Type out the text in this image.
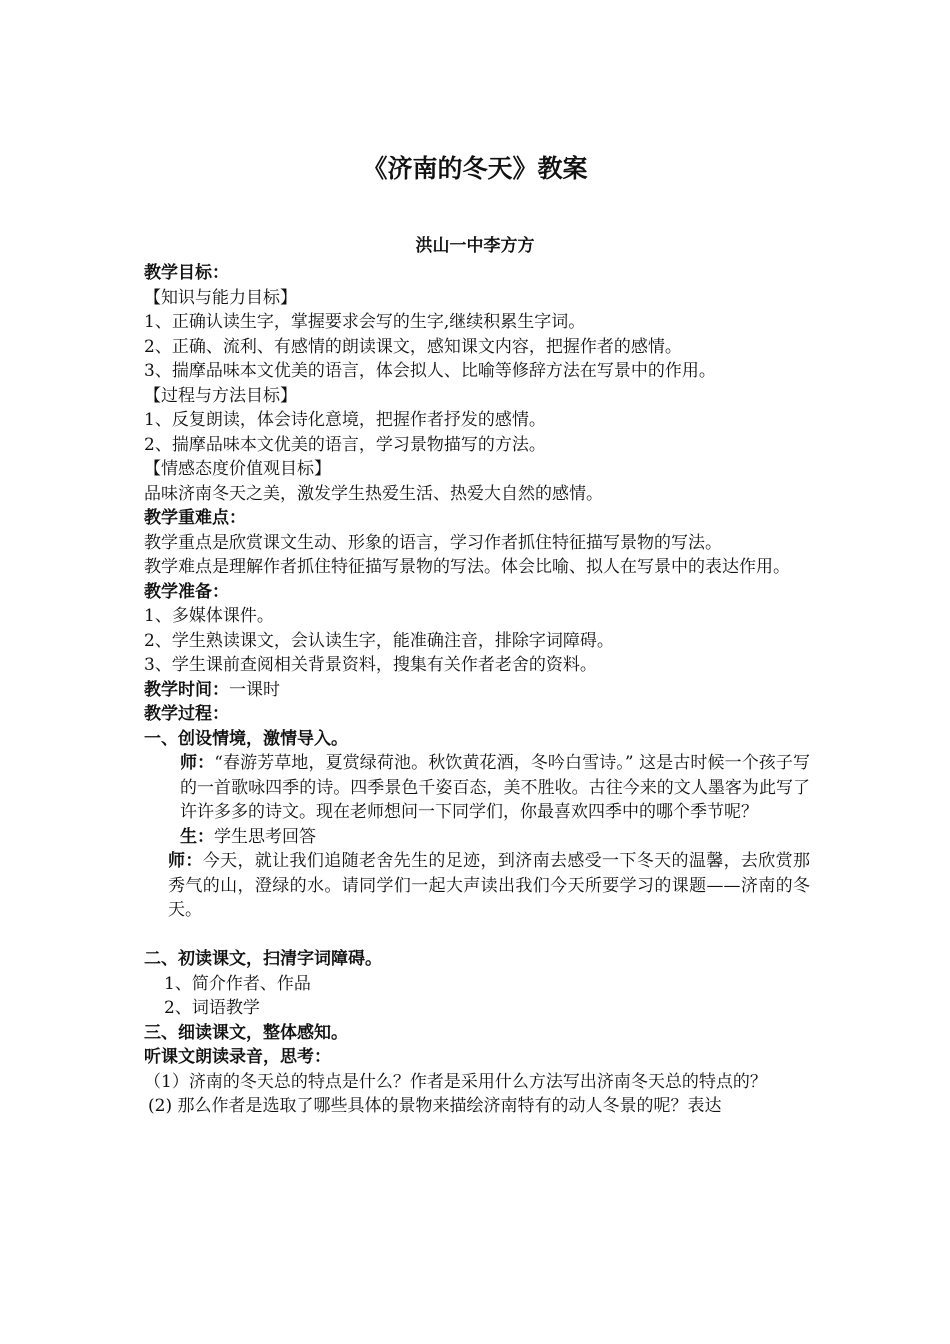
《济南的冬天》教案
洪山一中李方方

教学目标：

【知识与能力目标】

1、正确认读生字，掌握要求会写的生字,继续积累生字词。

2、正确、流利、有感情的朗读课文，感知课文内容，把握作者的感情。

3、揣摩品味本文优美的语言，体会拟人、比喻等修辞方法在写景中的作用。

【过程与方法目标】

1、反复朗读，体会诗化意境，把握作者抒发的感情。

2、揣摩品味本文优美的语言，学习景物描写的方法。

【情感态度价值观目标】

品味济南冬天之美，激发学生热爱生活、热爱大自然的感情。

教学重难点：

教学重点是欣赏课文生动、形象的语言，学习作者抓住特征描写景物的写法。

教学难点是理解作者抓住特征描写景物的写法。体会比喻、拟人在写景中的表达作用。

教学准备：

1、多媒体课件。

2、学生熟读课文，会认读生字，能准确注音，排除字词障碍。

3、学生课前查阅相关背景资料，搜集有关作者老舍的资料。

教学时间：一课时

教学过程：

一、创设情境，激情导入。

师：“春游芳草地，夏赏绿荷池。秋饮黄花酒，冬吟白雪诗。” 这是古时候一个孩子写的一首歌咏四季的诗。四季景色千姿百态，美不胜收。古往今来的文人墨客为此写了许许多多的诗文。现在老师想问一下同学们，你最喜欢四季中的哪个季节呢？

生：学生思考回答

师：今天，就让我们追随老舍先生的足迹，到济南去感受一下冬天的温馨，去欣赏那秀气的山，澄绿的水。请同学们一起大声读出我们今天所要学习的课题——济南的冬天。

二、初读课文，扫清字词障碍。

1、简介作者、作品

2、词语教学

三、细读课文，整体感知。

听课文朗读录音，思考：

（1）济南的冬天总的特点是什么？作者是采用什么方法写出济南冬天总的特点的？

(2) 那么作者是选取了哪些具体的景物来描绘济南特有的动人冬景的呢？表达
